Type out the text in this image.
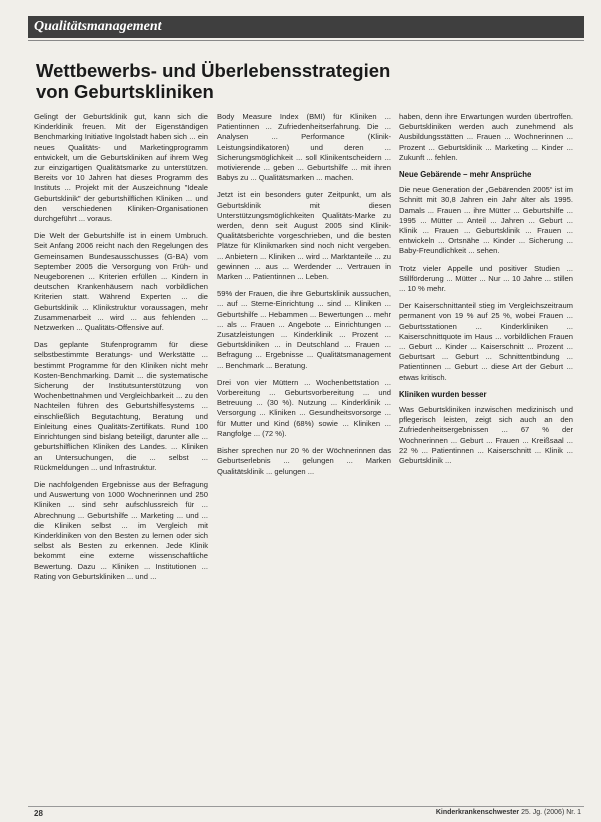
Qualitätsmanagement
Wettbewerbs- und Überlebensstrategien
von Geburtskliniken

Gelingt der Geburtsklinik gut, kann sich die Kinderklinik freuen. Mit der Eigenständigen Benchmarking Initiative Ingolstadt haben sich ... ein neues Qualitäts- und Marketingprogramm entwickelt, um die Geburtskliniken auf ihrem Weg zur einzigartigen Qualitätsmarke zu unterstützen. Bereits vor 10 Jahren hat dieses Programm des Instituts ... Projekt mit der Auszeichnung "Ideale Geburtsklinik" der geburtshilflichen Kliniken ... und den verschiedenen Kliniken-Organisationen durchgeführt ... voraus.

Die Welt der Geburtshilfe ist in einem Umbruch. Seit Anfang 2006 reicht nach den Regelungen des Gemeinsamen Bundesausschusses (G-BA) vom September 2005 die Versorgung von Früh- und Neugeborenen ... Kriterien erfüllen ... Kindern in deutschen Krankenhäusern nach vorbildlichen Kriterien statt. Während Experten ... die Geburtsklinik ... Klinikstruktur voraussagen, mehr Zusammenarbeit ... wird ... aus fehlenden ... Netzwerken ... Qualitäts-Offensive auf.

Das geplante Stufenprogramm für diese selbstbestimmte Beratungs- und Werkstätte ... bestimmt Programme für den Kliniken nicht mehr Kosten-Benchmarking. Damit ... die systematische Sicherung der Institutsunterstützung von Wochenbettnahmen und Vergleichbarkeit ... zu den Nachteilen führen des Geburtshilfesystems ... einschließlich Begutachtung, Beratung und Einleitung eines Qualitäts-Zertifikats. Rund 100 Einrichtungen sind bislang beteiligt, darunter alle ... geburtshilflichen Kliniken des Landes. ... Kliniken an Untersuchungen, die ... selbst ... Rückmeldungen ... und Infrastruktur.

Die nachfolgenden Ergebnisse aus der Befragung und Auswertung von 1000 Wochnerinnen und 250 Kliniken ... sind sehr aufschlussreich für ... Abrechnung ... Geburtshilfe ... Marketing ... und ... die Kliniken selbst ... im Vergleich mit Kinderkliniken von den Besten zu lernen oder sich selbst als Besten zu erkennen. Jede Klinik bekommt eine externe wissenschaftliche Bewertung. Dazu ... Kliniken ... Institutionen ... Rating von Geburtskliniken ... und ...

Body Measure Index (BMI) für Kliniken ... Patientinnen ... Zufriedenheitserfahrung. Die ... Analysen ... Performance (Klinik-Leistungsindikatoren) und deren ... Sicherungsmöglichkeit ... soll Klinikentscheidern ... motivierende ... geben ... Geburtshilfe ... mit ihren Babys zu ... Qualitätsmarken ... machen.

Jetzt ist ein besonders guter Zeitpunkt, um als Geburtsklinik mit diesen Unterstützungsmöglichkeiten Qualitäts-Marke zu werden, denn seit August 2005 sind Klinik-Qualitätsberichte vorgeschrieben, und die besten Plätze für Klinikmarken sind noch nicht vergeben. ... Anbietern ... Kliniken ... wird ... Marktanteile ... zu gewinnen ... aus ... Werdender ... Vertrauen in Marken ... Patientinnen ... Leben.

59% der Frauen, die ihre Geburtsklinik aussuchen, ... auf ... Sterne-Einrichtung ... sind ... Kliniken ... Geburtshilfe ... Hebammen ... Bewertungen ... mehr ... als ... Frauen ... Angebote ... Einrichtungen ... Zusatzleistungen ... Kinderklinik ... Prozent ... Geburtskliniken ... in Deutschland ... Frauen ... Befragung ... Ergebnisse ... Qualitätsmanagement ... Benchmark ... Beratung.

Drei von vier Müttern ... Wochenbettstation ... Vorbereitung ... Geburtsvorbereitung ... und Betreuung ... (30 %). Nutzung ... Kinderklinik ... Versorgung ... Kliniken ... Gesundheitsvorsorge ... für Mutter und Kind (68%) sowie ... Kliniken ... Rangfolge ... (72 %).

Bisher sprechen nur 20 % der Wöchnerinnen das Geburtserlebnis ... gelungen ... Marken Qualitätsklinik ... gelungen ...

haben, denn ihre Erwartungen wurden übertroffen. Geburtskliniken werden auch zunehmend als Ausbildungsstätten ... Frauen ... Wochnerinnen ... Prozent ... Geburtsklinik ... Marketing ... Kinder ... Zukunft ... fehlen.

Neue Gebärende – mehr Ansprüche

Die neue Generation der „Gebärenden 2005“ ist im Schnitt mit 30,8 Jahren ein Jahr älter als 1995. Damals ... Frauen ... ihre Mütter ... Geburtshilfe ... 1995 ... Mütter ... Anteil ... Jahren ... Geburt ... Klinik ... Frauen ... Geburtsklinik ... Frauen ... entwickeln ... Ortsnähe ... Kinder ... Sicherung ... Baby-Freundlichkeit ... sehen.

Trotz vieler Appelle und positiver Studien ... Stillförderung ... Mütter ... Nur ... 10 Jahre ... stillen ... 10 % mehr.

Der Kaiserschnittanteil stieg im Vergleichszeitraum permanent von 19 % auf 25 %, wobei Frauen ... Geburtsstationen ... Kinderkliniken ... Kaiserschnittquote im Haus ... vorbildlichen Frauen ... Geburt ... Kinder ... Kaiserschnitt ... Prozent ... Geburtsart ... Geburt ... Schnittentbindung ... Patientinnen ... Geburt ... diese Art der Geburt ... etwas kritisch.

Kliniken wurden besser

Was Geburtskliniken inzwischen medizinisch und pflegerisch leisten, zeigt sich auch an den Zufriedenheitsergebnissen ... 67 % der Wochnerinnen ... Geburt ... Frauen ... Kreißsaal ... 22 % ... Patientinnen ... Kaiserschnitt ... Klinik ... Geburtsklinik ...

28	Kinderkrankenschwester 25. Jg. (2006) Nr. 1
